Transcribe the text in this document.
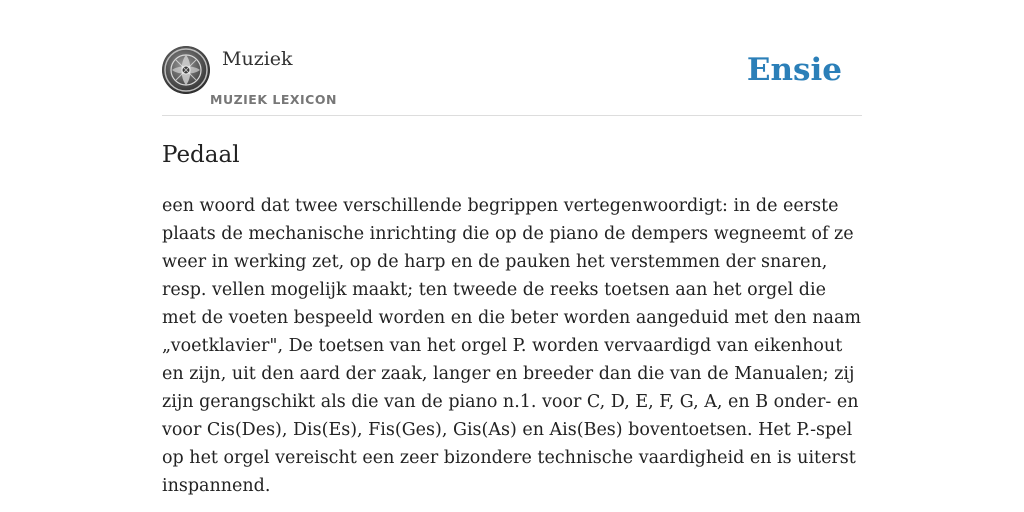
Muziek
MUZIEK LEXICON
Ensie
Pedaal

een woord dat twee verschillende begrippen vertegenwoordigt: in de eerste plaats de mechanische inrichting die op de piano de dempers wegneemt of ze weer in werking zet, op de harp en de pauken het verstemmen der snaren, resp. vellen mogelijk maakt; ten tweede de reeks toetsen aan het orgel die met de voeten bespeeld worden en die beter worden aangeduid met den naam „voetklavier", De toetsen van het orgel P. worden vervaardigd van eikenhout en zijn, uit den aard der zaak, langer en breeder dan die van de Manualen; zij zijn gerangschikt als die van de piano n.1. voor C, D, E, F, G, A, en B onder- en voor Cis(Des), Dis(Es), Fis(Ges), Gis(As) en Ais(Bes) boventoetsen. Het P.-spel op het orgel vereischt een zeer bizondere technische vaardigheid en is uiterst inspannend.
